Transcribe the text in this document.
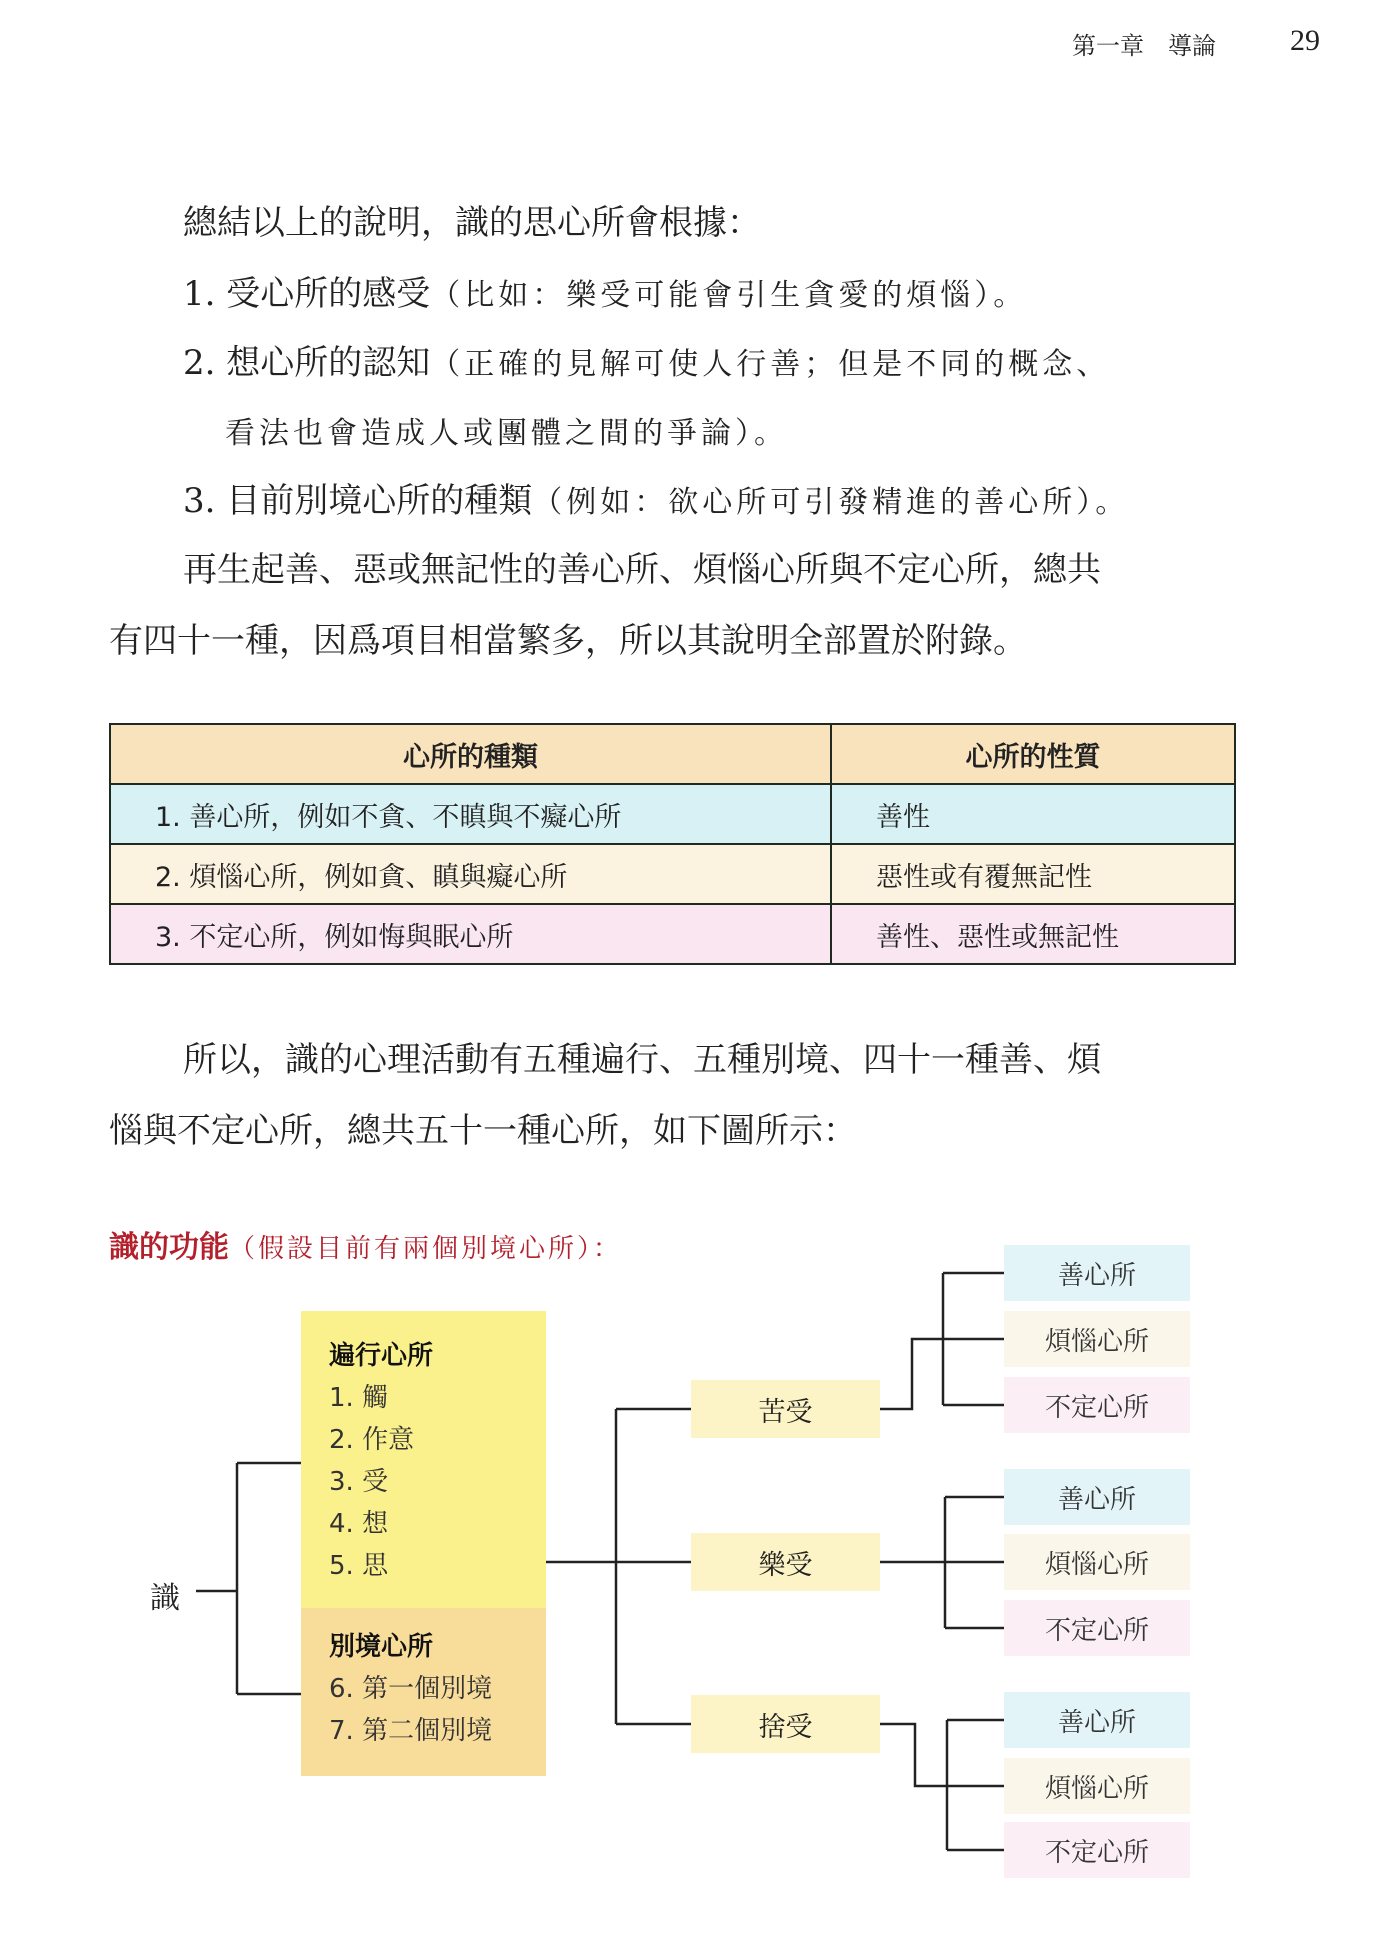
第一章　導論 29
總結以上的說明，識的思心所會根據：
1. 受心所的感受（比如：樂受可能會引生貪愛的煩惱）。
2. 想心所的認知（正確的見解可使人行善；但是不同的概念、
看法也會造成人或團體之間的爭論）。
3. 目前別境心所的種類（例如：欲心所可引發精進的善心所）。
再生起善、惡或無記性的善心所、煩惱心所與不定心所，總共
有四十一種，因爲項目相當繁多，所以其說明全部置於附錄。
心所的種類	心所的性質
1. 善心所，例如不貪、不瞋與不癡心所	善性
2. 煩惱心所，例如貪、瞋與癡心所	惡性或有覆無記性
3. 不定心所，例如悔與眠心所	善性、惡性或無記性
所以，識的心理活動有五種遍行、五種別境、四十一種善、煩
惱與不定心所，總共五十一種心所，如下圖所示：
識的功能（假設目前有兩個別境心所）：
識
遍行心所
1. 觸
2. 作意
3. 受
4. 想
5. 思
別境心所
6. 第一個別境
7. 第二個別境
苦受
樂受
捨受
善心所
煩惱心所
不定心所
善心所
煩惱心所
不定心所
善心所
煩惱心所
不定心所
